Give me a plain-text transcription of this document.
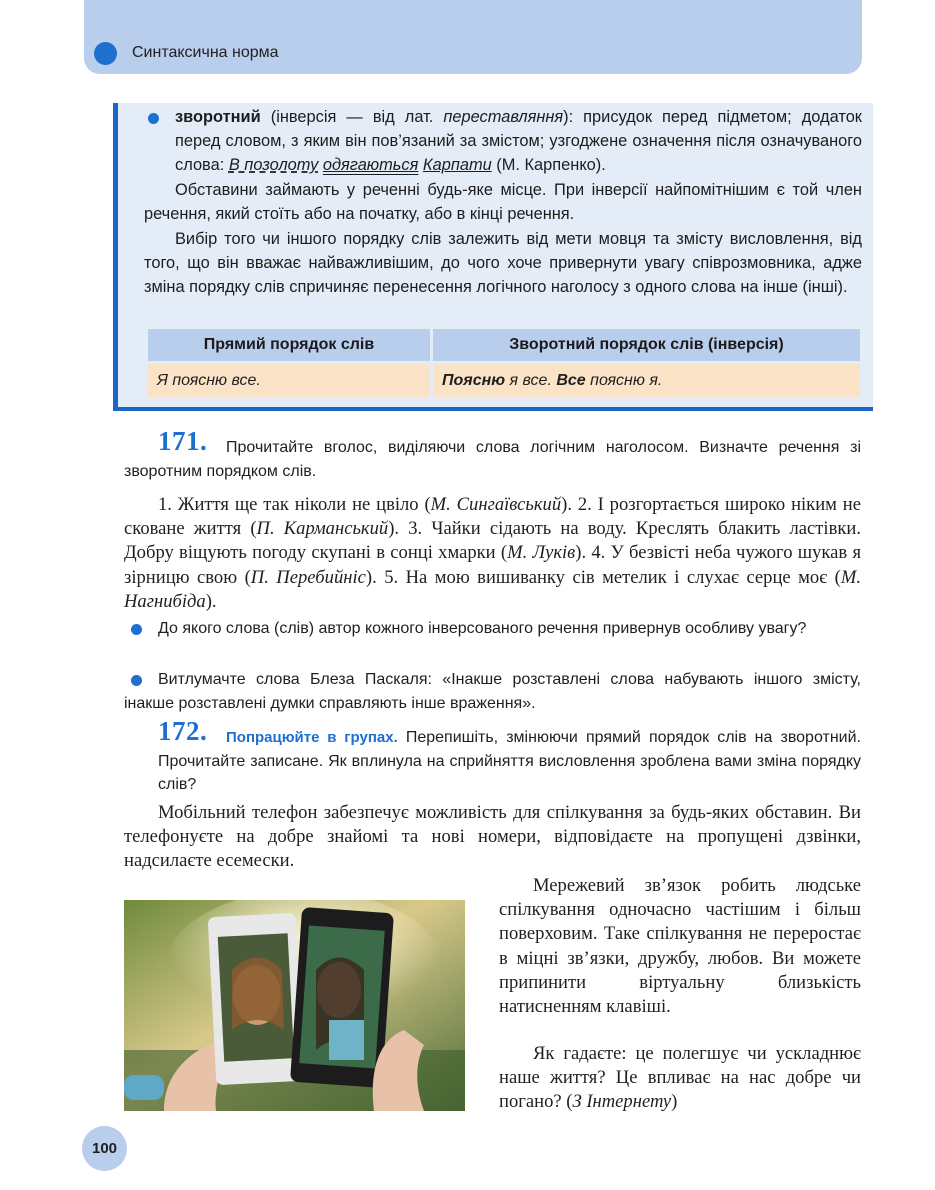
Синтаксична норма

зворотний (інверсія — від лат. переставляння): присудок перед підметом; додаток перед словом, з яким він пов’язаний за змістом; узгоджене означення після означуваного слова: В позолоту одягаються Карпати (М. Карпенко).

Обставини займають у реченні будь-яке місце. При інверсії найпомітнішим є той член речення, який стоїть або на початку, або в кінці речення.

Вибір того чи іншого порядку слів залежить від мети мовця та змісту висловлення, від того, що він вважає найважливішим, до чого хоче привернути увагу співрозмовника, адже зміна порядку слів спричиняє перенесення логічного наголосу з одного слова на інше (інші).

Прямий порядок слів	Зворотний порядок слів (інверсія)
Я поясню все.	Поясню я все. Все поясню я.

171. Прочитайте вголос, виділяючи слова логічним наголосом. Визначте речення зі зворотним порядком слів.

1. Життя ще так ніколи не цвіло (М. Сингаївський). 2. І розгортається широко ніким не сковане життя (П. Карманський). 3. Чайки сідають на воду. Креслять блакить ластівки. Добру віщують погоду скупані в сонці хмарки (М. Луків). 4. У безвісті неба чужого шукав я зірницю свою (П. Перебийніс). 5. На мою вишиванку сів метелик і слухає серце моє (М. Нагнибіда).

До якого слова (слів) автор кожного інверсованого речення привернув особливу увагу?

Витлумачте слова Блеза Паскаля: «Інакше розставлені слова набувають іншого змісту, інакше розставлені думки справляють інше враження».

172. Попрацюйте в групах. Перепишіть, змінюючи прямий порядок слів на зворотний. Прочитайте записане. Як вплинула на сприйняття висловлення зроблена вами зміна порядку слів?

Мобільний телефон забезпечує можливість для спілкування за будь-яких обставин. Ви телефонуєте на добре знайомі та нові номери, відповідаєте на пропущені дзвінки, надсилаєте есемески.

Мережевий зв’язок робить людське спілкування одночасно частішим і більш поверховим. Таке спілкування не переростає в міцні зв’язки, дружбу, любов. Ви можете припинити віртуальну близькість натисненням клавіші.

Як гадаєте: це полегшує чи ускладнює наше життя? Це впливає на нас добре чи погано? (З Інтернету)

100
